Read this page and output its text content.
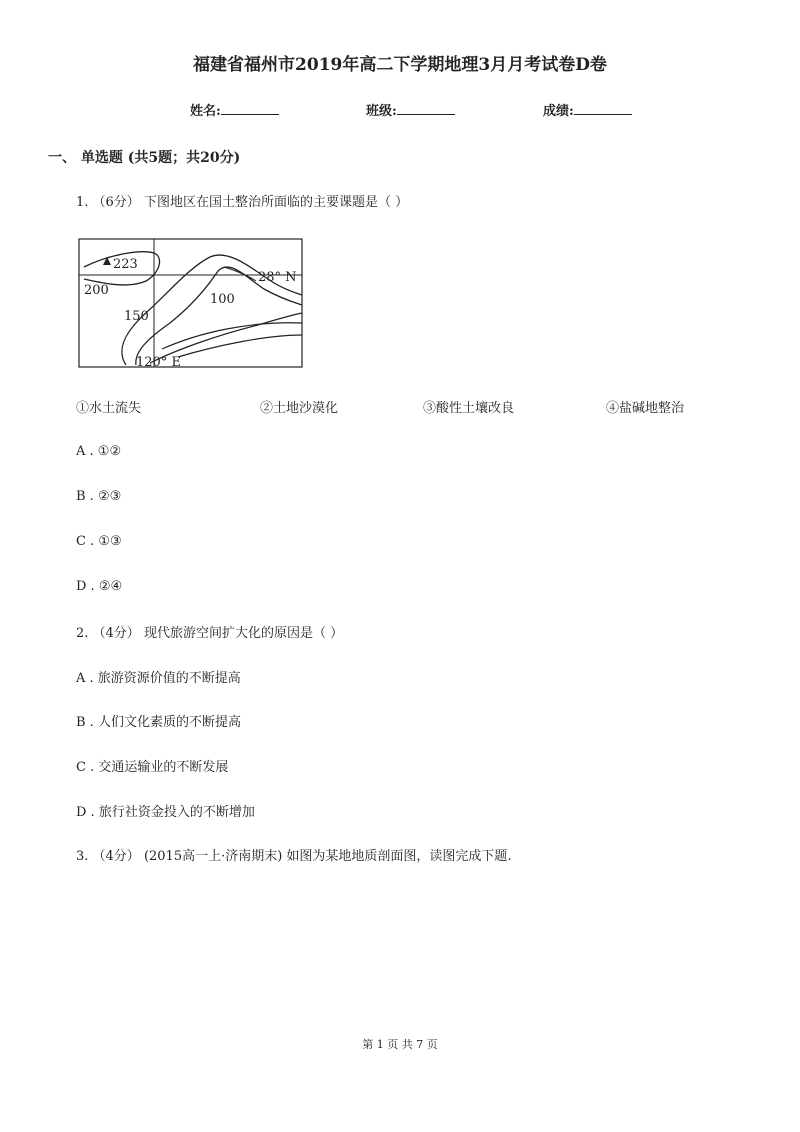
福建省福州市2019年高二下学期地理3月月考试卷D卷
姓名:	班级:	成绩:
一、 单选题 (共5题；共20分)
1. （6分） 下图地区在国土整治所面临的主要课题是（ ）
223
200
150
100
28° N
120° E
①水土流失	②土地沙漠化	③酸性土壤改良	④盐碱地整治
A . ①②
B . ②③
C . ①③
D . ②④
2. （4分） 现代旅游空间扩大化的原因是（ ）
A . 旅游资源价值的不断提高
B . 人们文化素质的不断提高
C . 交通运输业的不断发展
D . 旅行社资金投入的不断增加
3. （4分） (2015高一上·济南期末) 如图为某地地质剖面图，读图完成下题.
第 1 页 共 7 页
